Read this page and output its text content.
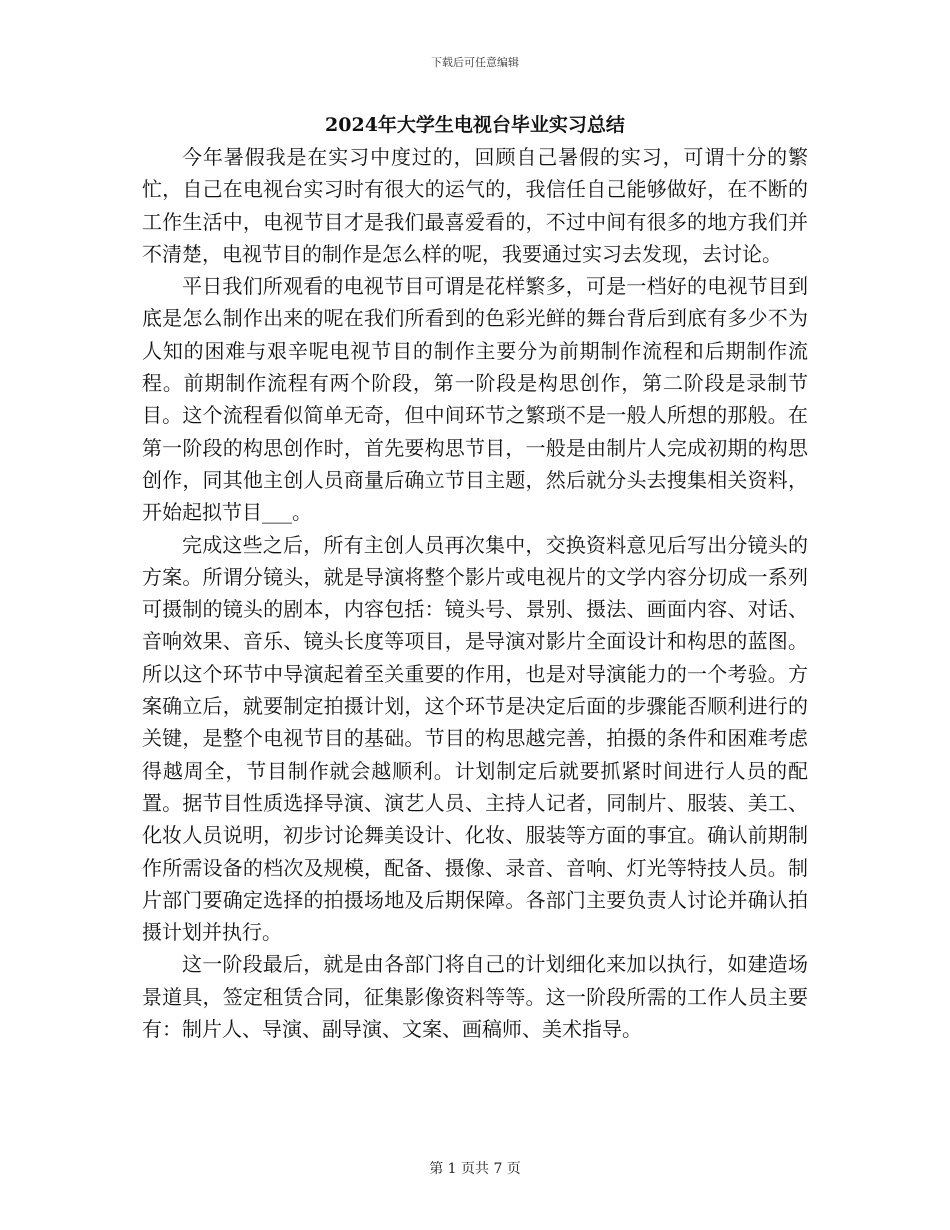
下载后可任意编辑
2024年大学生电视台毕业实习总结

今年暑假我是在实习中度过的，回顾自己暑假的实习，可谓十分的繁忙，自己在电视台实习时有很大的运气的，我信任自己能够做好，在不断的工作生活中，电视节目才是我们最喜爱看的，不过中间有很多的地方我们并不清楚，电视节目的制作是怎么样的呢，我要通过实习去发现，去讨论。

平日我们所观看的电视节目可谓是花样繁多，可是一档好的电视节目到底是怎么制作出来的呢在我们所看到的色彩光鲜的舞台背后到底有多少不为人知的困难与艰辛呢电视节目的制作主要分为前期制作流程和后期制作流程。前期制作流程有两个阶段，第一阶段是构思创作，第二阶段是录制节目。这个流程看似简单无奇，但中间环节之繁琐不是一般人所想的那般。在第一阶段的构思创作时，首先要构思节目，一般是由制片人完成初期的构思创作，同其他主创人员商量后确立节目主题，然后就分头去搜集相关资料，开始起拟节目___。

完成这些之后，所有主创人员再次集中，交换资料意见后写出分镜头的方案。所谓分镜头，就是导演将整个影片或电视片的文学内容分切成一系列可摄制的镜头的剧本，内容包括：镜头号、景别、摄法、画面内容、对话、音响效果、音乐、镜头长度等项目，是导演对影片全面设计和构思的蓝图。所以这个环节中导演起着至关重要的作用，也是对导演能力的一个考验。方案确立后，就要制定拍摄计划，这个环节是决定后面的步骤能否顺利进行的关键，是整个电视节目的基础。节目的构思越完善，拍摄的条件和困难考虑得越周全，节目制作就会越顺利。计划制定后就要抓紧时间进行人员的配置。据节目性质选择导演、演艺人员、主持人记者，同制片、服装、美工、化妆人员说明，初步讨论舞美设计、化妆、服装等方面的事宜。确认前期制作所需设备的档次及规模，配备、摄像、录音、音响、灯光等特技人员。制片部门要确定选择的拍摄场地及后期保障。各部门主要负责人讨论并确认拍摄计划并执行。

这一阶段最后，就是由各部门将自己的计划细化来加以执行，如建造场景道具，签定租赁合同，征集影像资料等等。这一阶段所需的工作人员主要有：制片人、导演、副导演、文案、画稿师、美术指导。

第 1 页共 7 页
